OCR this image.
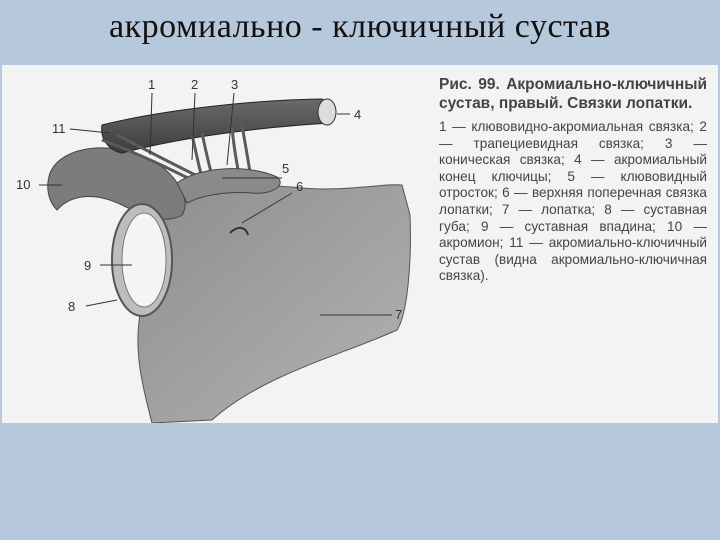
акромиально - ключичный сустав
1	2	3
4
5
6
7
8
9
10
11
Рис. 99. Акромиально-ключичный сустав, правый. Связки лопатки.
1 — клювовидно-акромиальная связка; 2 — трапециевидная связка; 3 — коническая связка; 4 — акромиальный конец ключицы; 5 — клювовидный отросток; 6 — верхняя поперечная связка лопатки; 7 — лопатка; 8 — суставная губа; 9 — суставная впадина; 10 — акромион; 11 — акромиально-ключичный сустав (видна акромиально-ключичная связка).
